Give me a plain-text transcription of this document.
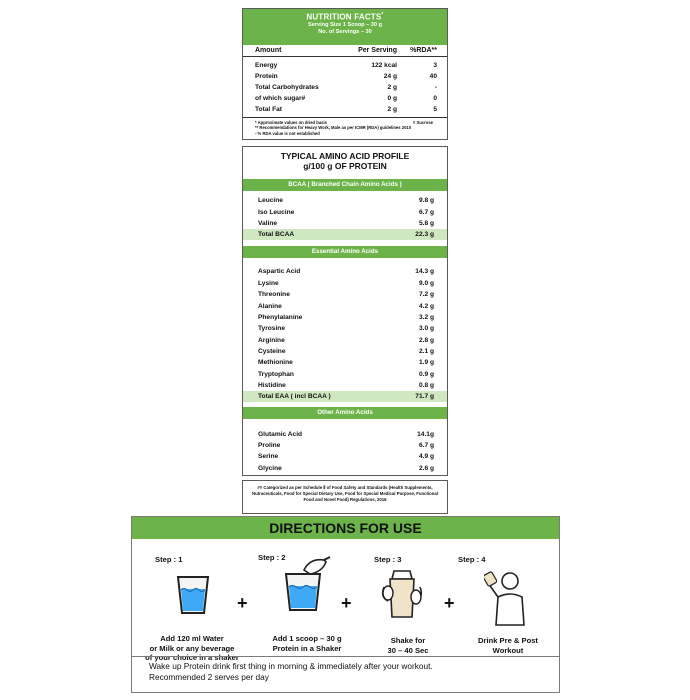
NUTRITION FACTS*
Serving Size 1 Scoop – 30 g
No. of Servings – 30
Amount	Per Serving	%RDA**
Energy	122 kcal	3
Protein	24 g	40
Total Carbohydrates	2 g	-
of which sugar#	0 g	0
Total Fat	2 g	5
* Approximate values on dried basis
** Recommendations for Heavy Work, Male as per ICMR (RDA) guidelines 2010
- % RDA value is not established
# Sucrose
TYPICAL AMINO ACID PROFILE
g/100 g OF PROTEIN
BCAA ( Branched Chain Amino Acids )
Leucine	9.8 g
Iso Leucine	6.7 g
Valine	5.8 g
Total BCAA	22.3 g
Essential Amino Acids
Aspartic Acid	14.3 g
Lysine	9.0 g
Threonine	7.2 g
Alanine	4.2 g
Phenylalanine	3.2 g
Tyrosine	3.0 g
Arginine	2.8 g
Cysteine	2.1 g
Methionine	1.9 g
Tryptophan	0.9 g
Histidine	0.8 g
Total EAA ( incl BCAA )	71.7 g
Other Amino Acids
Glutamic Acid	14.1g
Proline	6.7 g
Serine	4.9 g
Glycine	2.6 g
## Categorized as per Schedule Ⅱ of Food Safety and Standards (Health Supplements, Nutraceuticals, Food for Special Dietary Use, Food for Special Medical Purpose, Functional Food and Novel Food) Regulations, 2016
DIRECTIONS FOR USE
Step : 1
Add 120 ml Water
or Milk or any beverage
of your choice in a shaker
+
Step : 2
Add 1 scoop – 30 g
Protein in a Shaker
+
Step : 3
Shake for
30 – 40 Sec
+
Step : 4
Drink Pre & Post
Workout
Wake up Protein drink first thing in morning & immediately after your workout.
Recommended 2 serves per day
